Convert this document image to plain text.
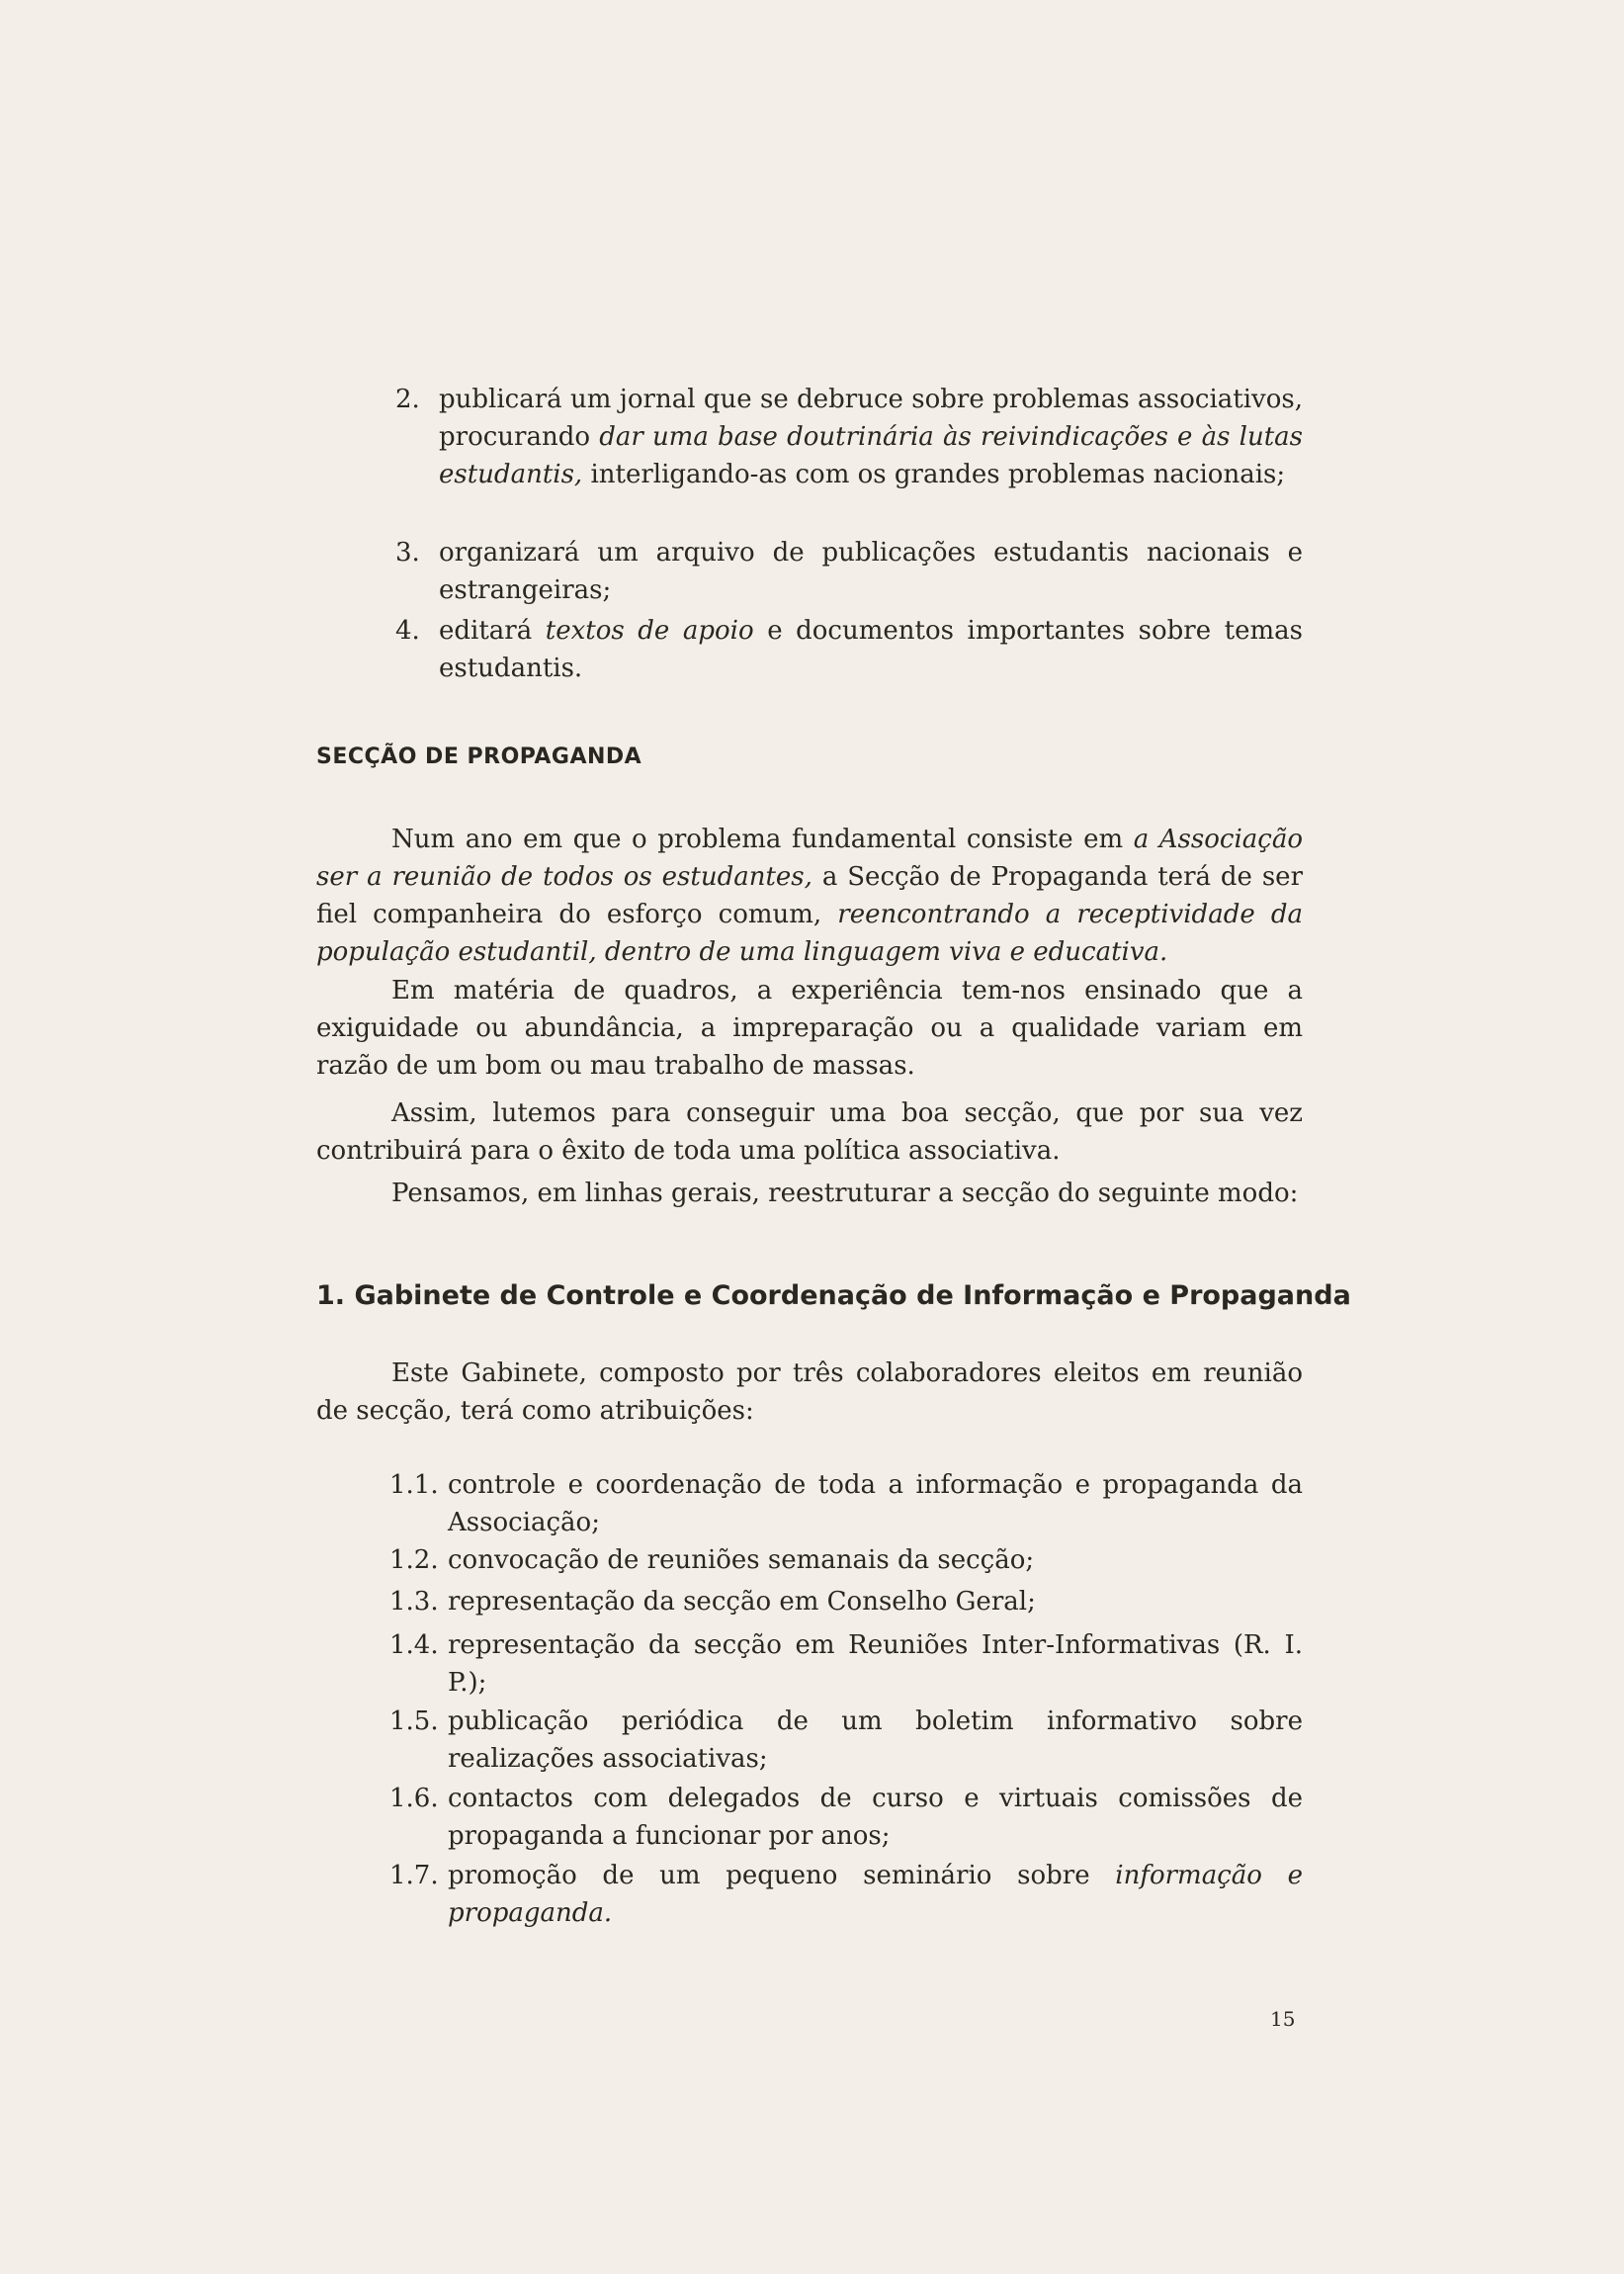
2. publicará um jornal que se debruce sobre problemas associativos, procurando dar uma base doutrinária às reivindicações e às lutas estudantis, interligando-as com os grandes problemas nacionais;
3. organizará um arquivo de publicações estudantis nacionais e estrangeiras;
4. editará textos de apoio e documentos importantes sobre temas estudantis.
SECÇÃO DE PROPAGANDA
Num ano em que o problema fundamental consiste em a Associação ser a reunião de todos os estudantes, a Secção de Propaganda terá de ser fiel companheira do esforço comum, reencontrando a receptividade da população estudantil, dentro de uma linguagem viva e educativa.
Em matéria de quadros, a experiência tem-nos ensinado que a exiguidade ou abundância, a impreparação ou a qualidade variam em razão de um bom ou mau trabalho de massas.
Assim, lutemos para conseguir uma boa secção, que por sua vez contribuirá para o êxito de toda uma política associativa.
Pensamos, em linhas gerais, reestruturar a secção do seguinte modo:
1. Gabinete de Controle e Coordenação de Informação e Propaganda
Este Gabinete, composto por três colaboradores eleitos em reunião de secção, terá como atribuições:
1.1. controle e coordenação de toda a informação e propaganda da Associação;
1.2. convocação de reuniões semanais da secção;
1.3. representação da secção em Conselho Geral;
1.4. representação da secção em Reuniões Inter-Informativas (R. I. P.);
1.5. publicação periódica de um boletim informativo sobre realizações associativas;
1.6. contactos com delegados de curso e virtuais comissões de propaganda a funcionar por anos;
1.7. promoção de um pequeno seminário sobre informação e propaganda.
15
